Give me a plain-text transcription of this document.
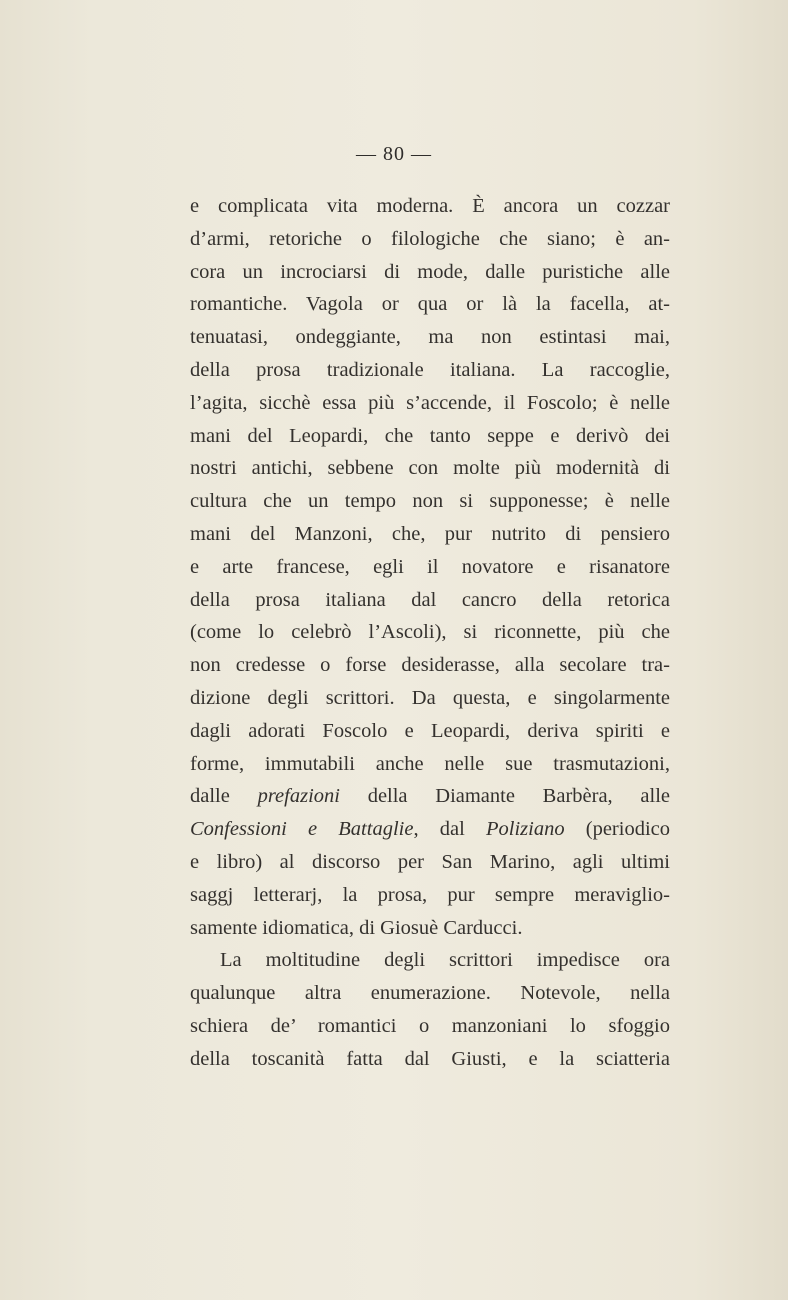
— 80 —
e complicata vita moderna. È ancora un cozzar
d’armi, retoriche o filologiche che siano; è an-
cora un incrociarsi di mode, dalle puristiche alle
romantiche. Vagola or qua or là la facella, at-
tenuatasi, ondeggiante, ma non estintasi mai,
della prosa tradizionale italiana. La raccoglie,
l’agita, sicchè essa più s’accende, il Foscolo; è nelle
mani del Leopardi, che tanto seppe e derivò dei
nostri antichi, sebbene con molte più modernità di
cultura che un tempo non si supponesse; è nelle
mani del Manzoni, che, pur nutrito di pensiero
e arte francese, egli il novatore e risanatore
della prosa italiana dal cancro della retorica
(come lo celebrò l’Ascoli), si riconnette, più che
non credesse o forse desiderasse, alla secolare tra-
dizione degli scrittori. Da questa, e singolarmente
dagli adorati Foscolo e Leopardi, deriva spiriti e
forme, immutabili anche nelle sue trasmutazioni,
dalle prefazioni della Diamante Barbèra, alle
Confessioni e Battaglie, dal Poliziano (periodico
e libro) al discorso per San Marino, agli ultimi
saggj letterarj, la prosa, pur sempre meraviglio-
samente idiomatica, di Giosuè Carducci.
La moltitudine degli scrittori impedisce ora
qualunque altra enumerazione. Notevole, nella
schiera de’ romantici o manzoniani lo sfoggio
della toscanità fatta dal Giusti, e la sciatteria
